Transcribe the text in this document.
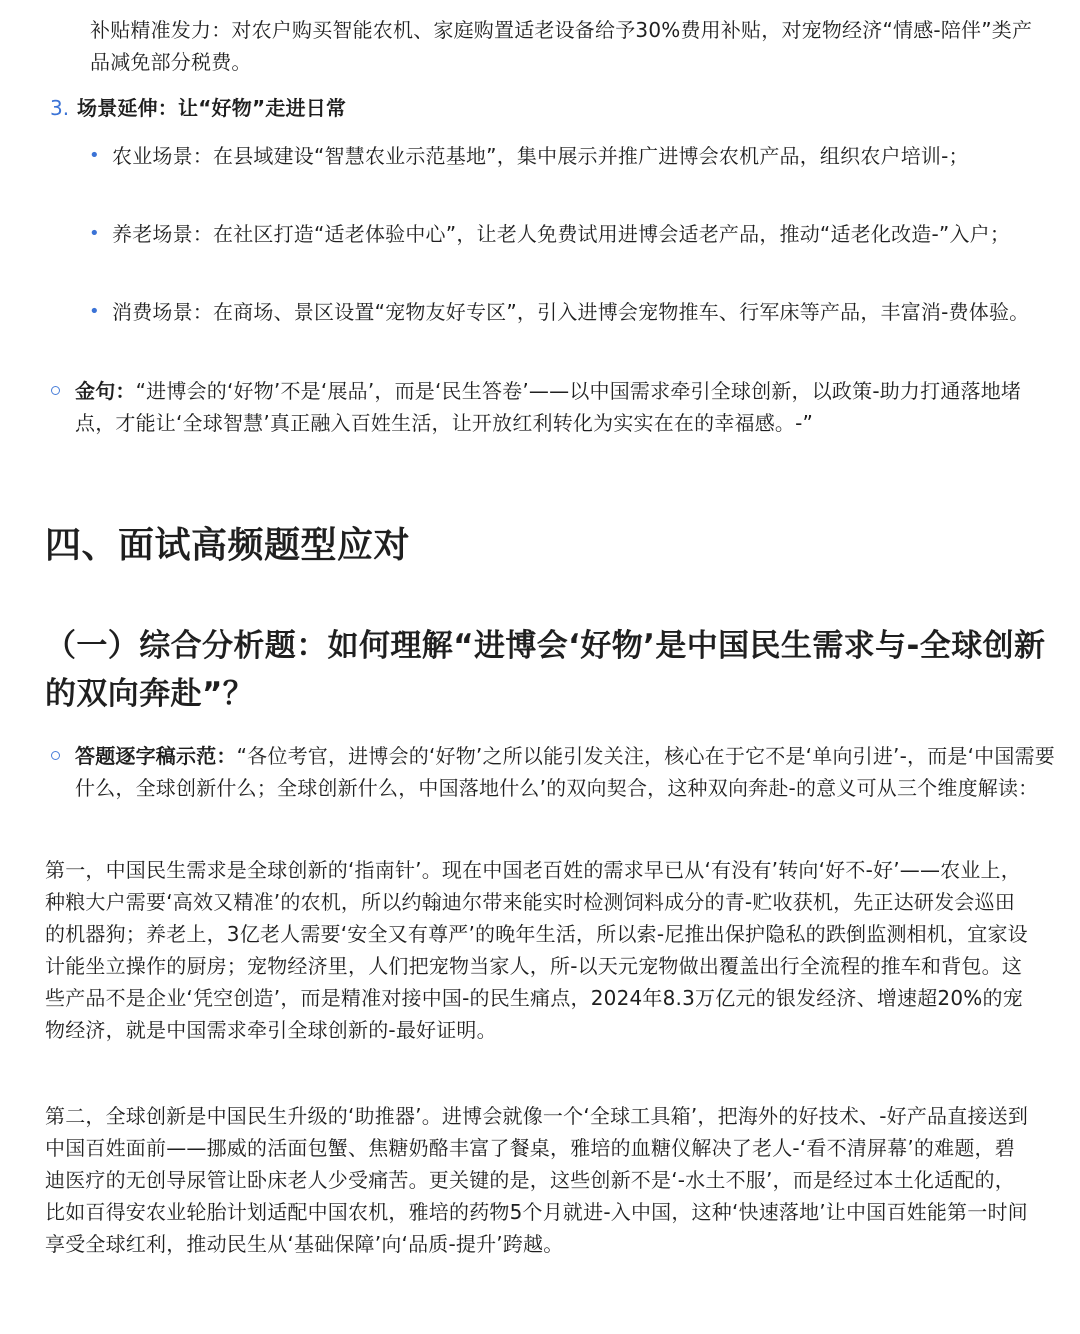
补贴精准发力：对农户购买智能农机、家庭购置适老设备给予30%费用补贴，对宠物经济“情感-陪伴”类产品减免部分税费。
3. 场景延伸：让“好物”走进日常
• 农业场景：在县域建设“智慧农业示范基地”，集中展示并推广进博会农机产品，组织农户培训-；
• 养老场景：在社区打造“适老体验中心”，让老人免费试用进博会适老产品，推动“适老化改造-”入户；
• 消费场景：在商场、景区设置“宠物友好专区”，引入进博会宠物推车、行军床等产品，丰富消-费体验。
金句：“进博会的‘好物’不是‘展品’，而是‘民生答卷’——以中国需求牵引全球创新，以政策-助力打通落地堵点，才能让‘全球智慧’真正融入百姓生活，让开放红利转化为实实在在的幸福感。-”
四、面试高频题型应对
（一）综合分析题：如何理解“进博会‘好物’是中国民生需求与-全球创新的双向奔赴”？
答题逐字稿示范：“各位考官，进博会的‘好物’之所以能引发关注，核心在于它不是‘单向引进’-，而是‘中国需要什么，全球创新什么；全球创新什么，中国落地什么’的双向契合，这种双向奔赴-的意义可从三个维度解读：
第一，中国民生需求是全球创新的‘指南针’。现在中国老百姓的需求早已从‘有没有’转向‘好不-好’——农业上，种粮大户需要‘高效又精准’的农机，所以约翰迪尔带来能实时检测饲料成分的青-贮收获机，先正达研发会巡田的机器狗；养老上，3亿老人需要‘安全又有尊严’的晚年生活，所以索-尼推出保护隐私的跌倒监测相机，宜家设计能坐立操作的厨房；宠物经济里，人们把宠物当家人，所-以天元宠物做出覆盖出行全流程的推车和背包。这些产品不是企业‘凭空创造’，而是精准对接中国-的民生痛点，2024年8.3万亿元的银发经济、增速超20%的宠物经济，就是中国需求牵引全球创新的-最好证明。
第二，全球创新是中国民生升级的‘助推器’。进博会就像一个‘全球工具箱’，把海外的好技术、-好产品直接送到中国百姓面前——挪威的活面包蟹、焦糖奶酪丰富了餐桌，雅培的血糖仪解决了老人-‘看不清屏幕’的难题，碧迪医疗的无创导尿管让卧床老人少受痛苦。更关键的是，这些创新不是‘-水土不服’，而是经过本土化适配的，比如百得安农业轮胎计划适配中国农机，雅培的药物5个月就进-入中国，这种‘快速落地’让中国百姓能第一时间享受全球红利，推动民生从‘基础保障’向‘品质-提升’跨越。
